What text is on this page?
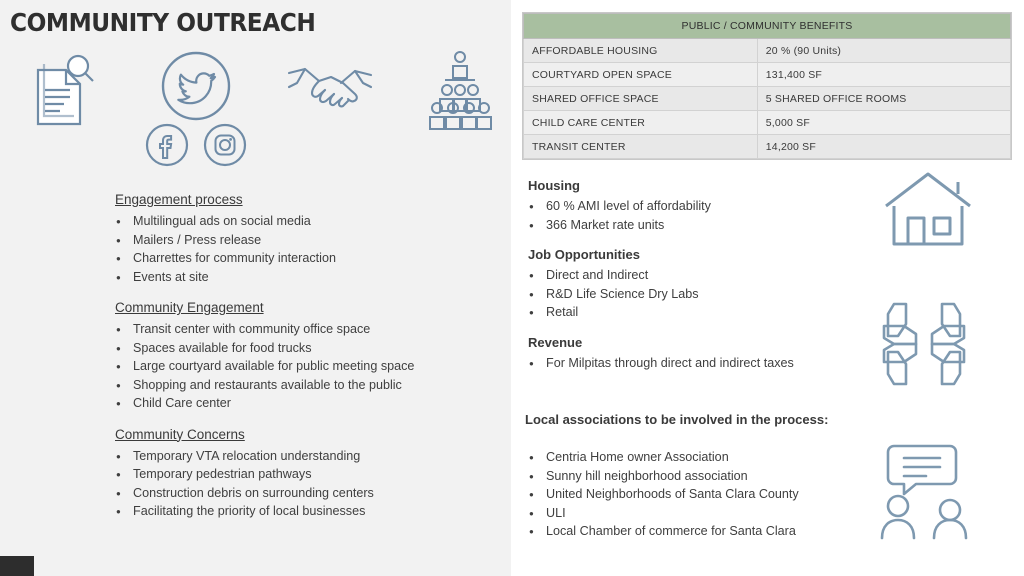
COMMUNITY OUTREACH
Engagement process
● Multilingual ads on social media
● Mailers / Press release
● Charrettes for community interaction
● Events at site
Community Engagement
● Transit center with community office space
● Spaces available for food trucks
● Large courtyard available for public meeting space
● Shopping and restaurants available to the public
● Child Care center
Community Concerns
● Temporary VTA relocation understanding
● Temporary pedestrian pathways
● Construction debris on surrounding centers
● Facilitating the priority of local businesses
PUBLIC / COMMUNITY BENEFITS	
AFFORDABLE HOUSING	20 % (90 Units)
COURTYARD OPEN SPACE	131,400 SF
SHARED OFFICE SPACE	5 SHARED OFFICE ROOMS
CHILD CARE CENTER	5,000 SF
TRANSIT CENTER	14,200 SF
Housing
● 60 % AMI level of affordability
● 366 Market rate units
Job Opportunities
● Direct and Indirect
● R&D Life Science Dry Labs
● Retail
Revenue
● For Milpitas through direct and indirect taxes
Local associations to be involved in the process:
● Centria Home owner Association
● Sunny hill neighborhood association
● United Neighborhoods of Santa Clara County
● ULI
● Local Chamber of commerce for Santa Clara
